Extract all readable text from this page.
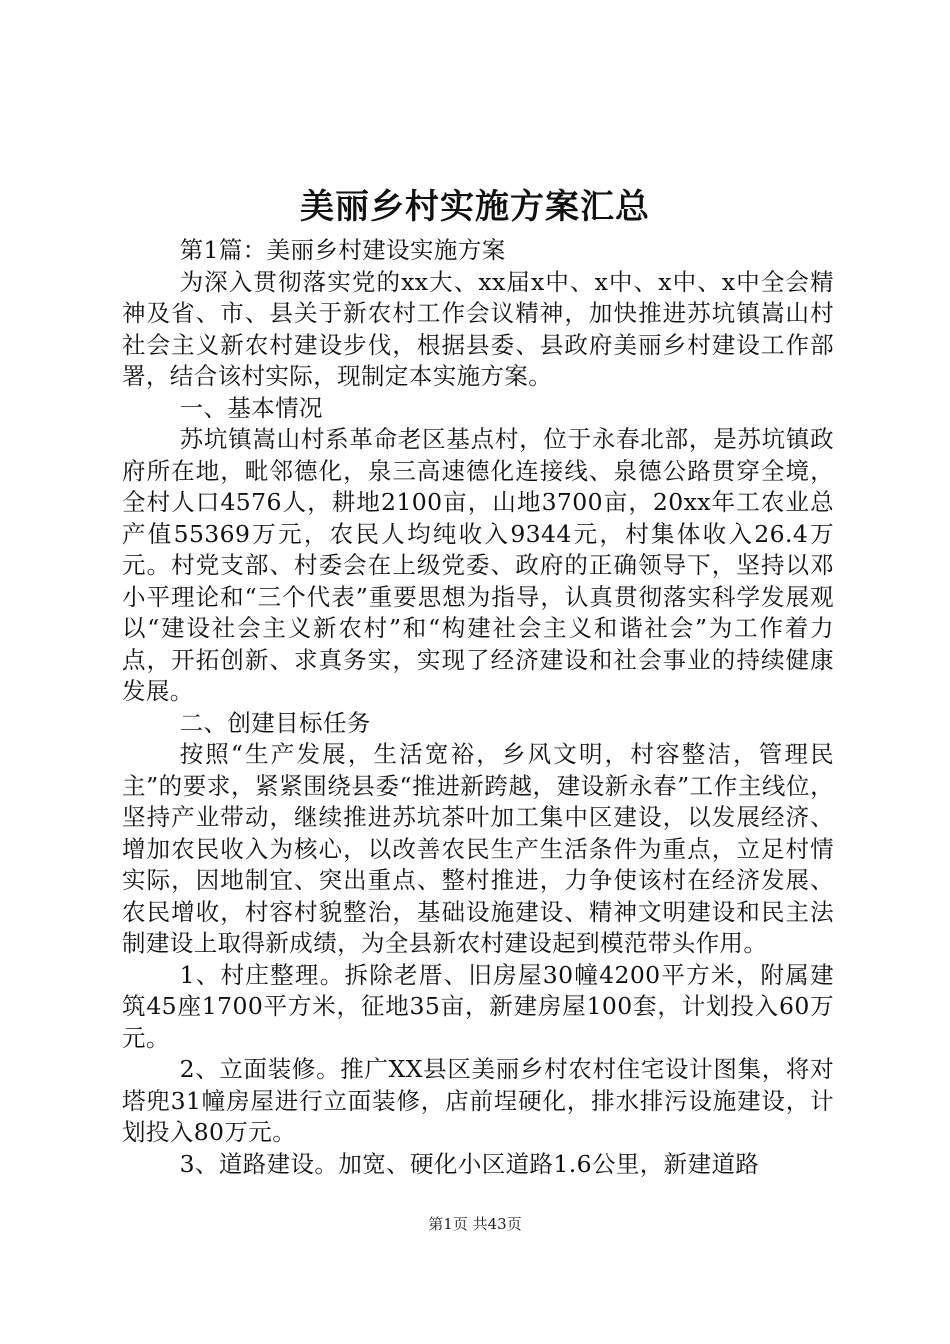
美丽乡村实施方案汇总

第1篇：美丽乡村建设实施方案

为深入贯彻落实党的xx大、xx届x中、x中、x中、x中全会精神及省、市、县关于新农村工作会议精神，加快推进苏坑镇嵩山村社会主义新农村建设步伐，根据县委、县政府美丽乡村建设工作部署，结合该村实际，现制定本实施方案。

一、基本情况

苏坑镇嵩山村系革命老区基点村，位于永春北部，是苏坑镇政府所在地，毗邻德化，泉三高速德化连接线、泉德公路贯穿全境，全村人口4576人，耕地2100亩，山地3700亩，20xx年工农业总产值55369万元，农民人均纯收入9344元，村集体收入26.4万元。村党支部、村委会在上级党委、政府的正确领导下，坚持以邓小平理论和“三个代表”重要思想为指导，认真贯彻落实科学发展观以“建设社会主义新农村”和“构建社会主义和谐社会”为工作着力点，开拓创新、求真务实，实现了经济建设和社会事业的持续健康发展。

二、创建目标任务

按照“生产发展，生活宽裕，乡风文明，村容整洁，管理民主”的要求，紧紧围绕县委“推进新跨越，建设新永春”工作主线位，坚持产业带动，继续推进苏坑茶叶加工集中区建设，以发展经济、增加农民收入为核心，以改善农民生产生活条件为重点，立足村情实际，因地制宜、突出重点、整村推进，力争使该村在经济发展、农民增收，村容村貌整治，基础设施建设、精神文明建设和民主法制建设上取得新成绩，为全县新农村建设起到模范带头作用。

1、村庄整理。拆除老厝、旧房屋30幢4200平方米，附属建筑45座1700平方米，征地35亩，新建房屋100套，计划投入60万元。

2、立面装修。推广XX县区美丽乡村农村住宅设计图集，将对塔兜31幢房屋进行立面装修，店前埕硬化，排水排污设施建设，计划投入80万元。

3、道路建设。加宽、硬化小区道路1.6公里，新建道路

第1页 共43页
